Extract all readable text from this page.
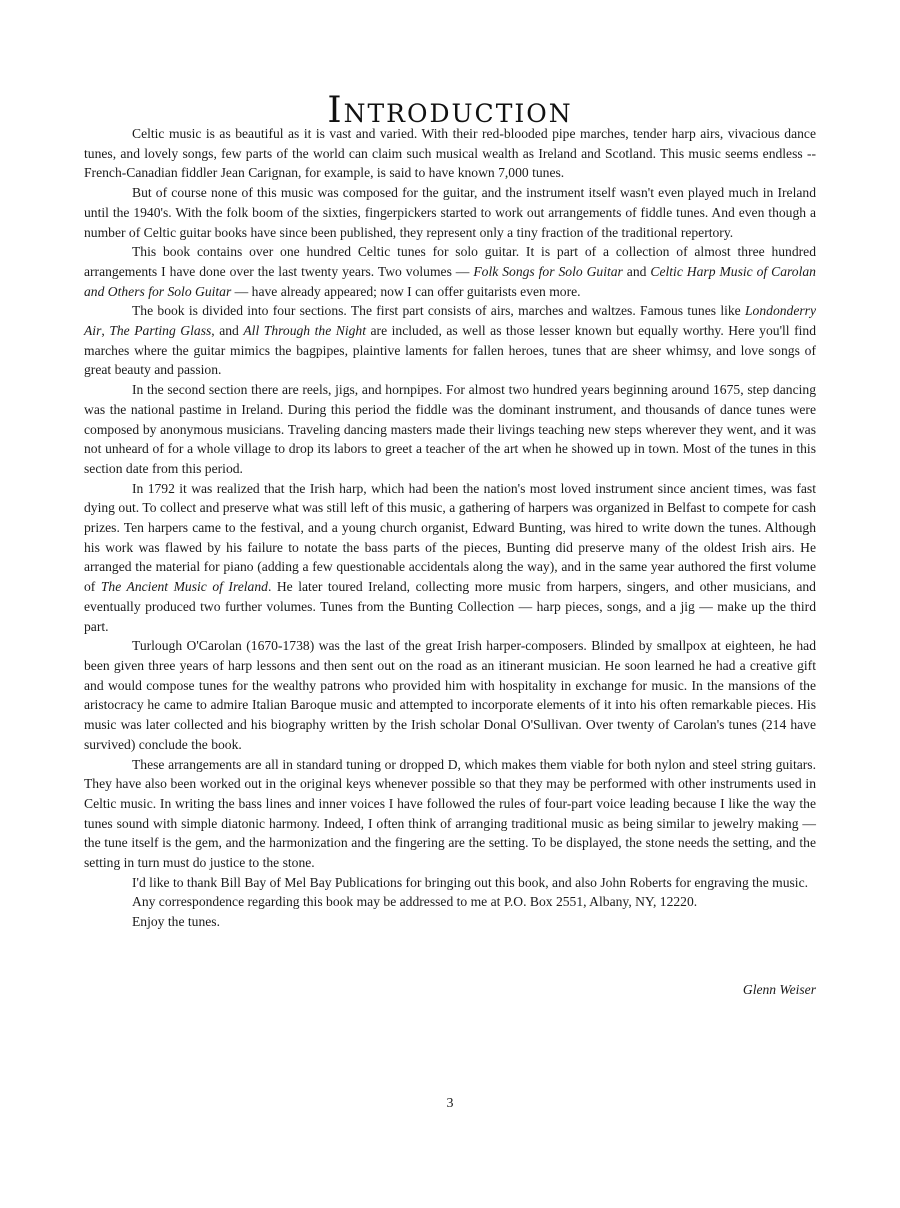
Introduction

Celtic music is as beautiful as it is vast and varied. With their red-blooded pipe marches, tender harp airs, vivacious dance tunes, and lovely songs, few parts of the world can claim such musical wealth as Ireland and Scotland. This music seems endless -- French-Canadian fiddler Jean Carignan, for example, is said to have known 7,000 tunes.

But of course none of this music was composed for the guitar, and the instrument itself wasn't even played much in Ireland until the 1940's. With the folk boom of the sixties, fingerpickers started to work out arrangements of fiddle tunes. And even though a number of Celtic guitar books have since been published, they represent only a tiny fraction of the traditional repertory.

This book contains over one hundred Celtic tunes for solo guitar. It is part of a collection of almost three hundred arrangements I have done over the last twenty years. Two volumes — Folk Songs for Solo Guitar and Celtic Harp Music of Carolan and Others for Solo Guitar — have already appeared; now I can offer guitarists even more.

The book is divided into four sections. The first part consists of airs, marches and waltzes. Famous tunes like Londonderry Air, The Parting Glass, and All Through the Night are included, as well as those lesser known but equally worthy. Here you'll find marches where the guitar mimics the bagpipes, plaintive laments for fallen heroes, tunes that are sheer whimsy, and love songs of great beauty and passion.

In the second section there are reels, jigs, and hornpipes. For almost two hundred years beginning around 1675, step dancing was the national pastime in Ireland. During this period the fiddle was the dominant instrument, and thousands of dance tunes were composed by anonymous musicians. Traveling dancing masters made their livings teaching new steps wherever they went, and it was not unheard of for a whole village to drop its labors to greet a teacher of the art when he showed up in town. Most of the tunes in this section date from this period.

In 1792 it was realized that the Irish harp, which had been the nation's most loved instrument since ancient times, was fast dying out. To collect and preserve what was still left of this music, a gathering of harpers was organized in Belfast to compete for cash prizes. Ten harpers came to the festival, and a young church organist, Edward Bunting, was hired to write down the tunes. Although his work was flawed by his failure to notate the bass parts of the pieces, Bunting did preserve many of the oldest Irish airs. He arranged the material for piano (adding a few questionable accidentals along the way), and in the same year authored the first volume of The Ancient Music of Ireland. He later toured Ireland, collecting more music from harpers, singers, and other musicians, and eventually produced two further volumes. Tunes from the Bunting Collection — harp pieces, songs, and a jig — make up the third part.

Turlough O'Carolan (1670-1738) was the last of the great Irish harper-composers. Blinded by smallpox at eighteen, he had been given three years of harp lessons and then sent out on the road as an itinerant musician. He soon learned he had a creative gift and would compose tunes for the wealthy patrons who provided him with hospitality in exchange for music. In the mansions of the aristocracy he came to admire Italian Baroque music and attempted to incorporate elements of it into his often remarkable pieces. His music was later collected and his biography written by the Irish scholar Donal O'Sullivan. Over twenty of Carolan's tunes (214 have survived) conclude the book.

These arrangements are all in standard tuning or dropped D, which makes them viable for both nylon and steel string guitars. They have also been worked out in the original keys whenever possible so that they may be performed with other instruments used in Celtic music. In writing the bass lines and inner voices I have followed the rules of four-part voice leading because I like the way the tunes sound with simple diatonic harmony. Indeed, I often think of arranging traditional music as being similar to jewelry making — the tune itself is the gem, and the harmonization and the fingering are the setting. To be displayed, the stone needs the setting, and the setting in turn must do justice to the stone.

I'd like to thank Bill Bay of Mel Bay Publications for bringing out this book, and also John Roberts for engraving the music.

Any correspondence regarding this book may be addressed to me at P.O. Box 2551, Albany, NY, 12220.

Enjoy the tunes.

Glenn Weiser
3
